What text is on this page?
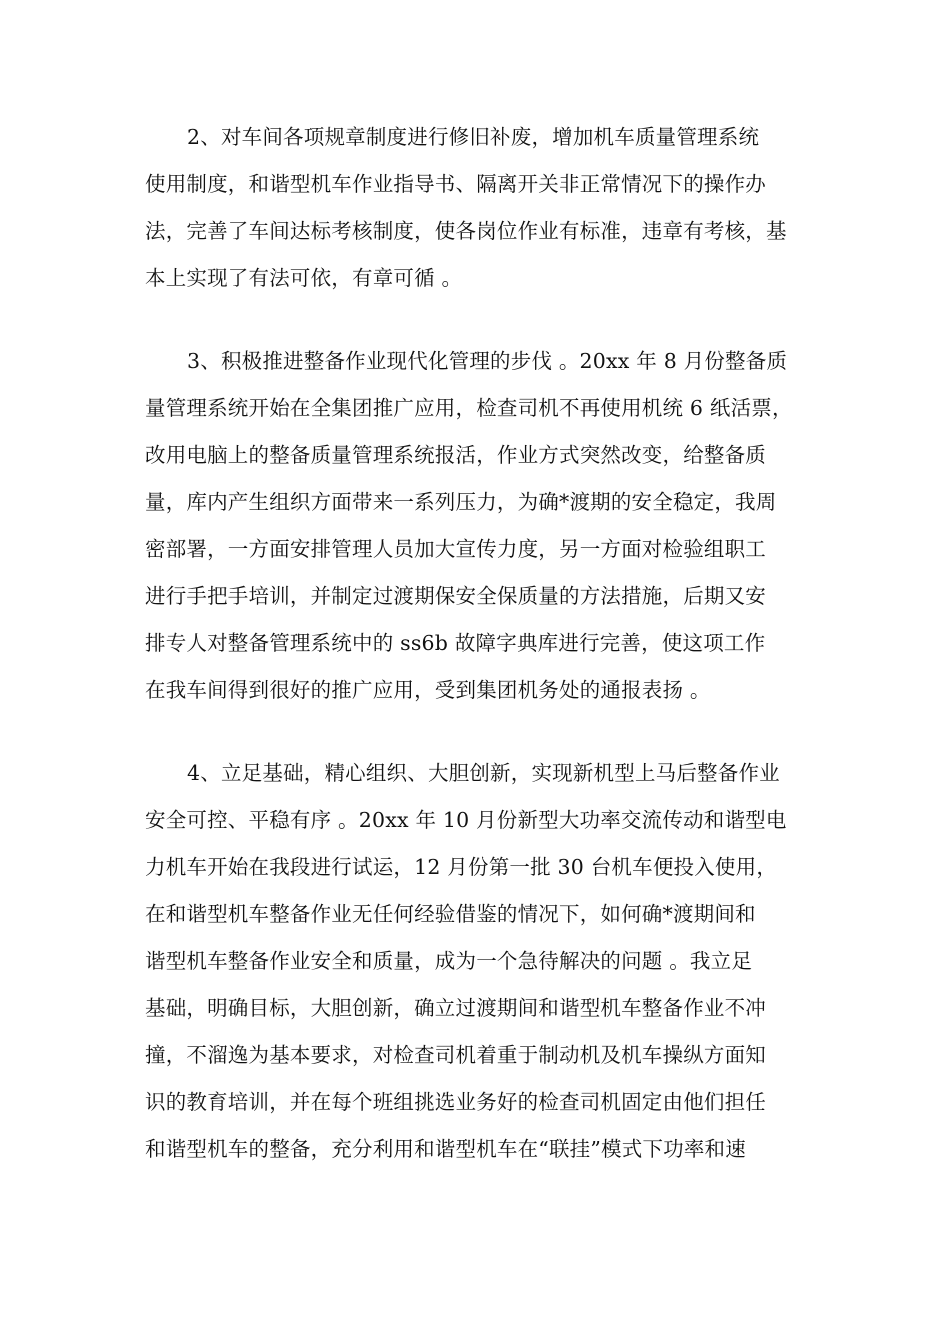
2、对车间各项规章制度进行修旧补废，增加机车质量管理系统
使用制度，和谐型机车作业指导书、隔离开关非正常情况下的操作办
法，完善了车间达标考核制度，使各岗位作业有标准，违章有考核，基
本上实现了有法可依，有章可循 。

3、积极推进整备作业现代化管理的步伐 。20xx 年 8 月份整备质
量管理系统开始在全集团推广应用，检查司机不再使用机统 6 纸活票，
改用电脑上的整备质量管理系统报活，作业方式突然改变，给整备质
量，库内产生组织方面带来一系列压力，为确*渡期的安全稳定，我周
密部署，一方面安排管理人员加大宣传力度，另一方面对检验组职工
进行手把手培训，并制定过渡期保安全保质量的方法措施，后期又安
排专人对整备管理系统中的 ss6b 故障字典库进行完善，使这项工作
在我车间得到很好的推广应用，受到集团机务处的通报表扬 。

4、立足基础，精心组织、大胆创新，实现新机型上马后整备作业
安全可控、平稳有序 。20xx 年 10 月份新型大功率交流传动和谐型电
力机车开始在我段进行试运，12 月份第一批 30 台机车便投入使用，
在和谐型机车整备作业无任何经验借鉴的情况下，如何确*渡期间和
谐型机车整备作业安全和质量，成为一个急待解决的问题 。我立足
基础，明确目标，大胆创新，确立过渡期间和谐型机车整备作业不冲
撞，不溜逸为基本要求，对检查司机着重于制动机及机车操纵方面知
识的教育培训，并在每个班组挑选业务好的检查司机固定由他们担任
和谐型机车的整备，充分利用和谐型机车在“联挂”模式下功率和速
